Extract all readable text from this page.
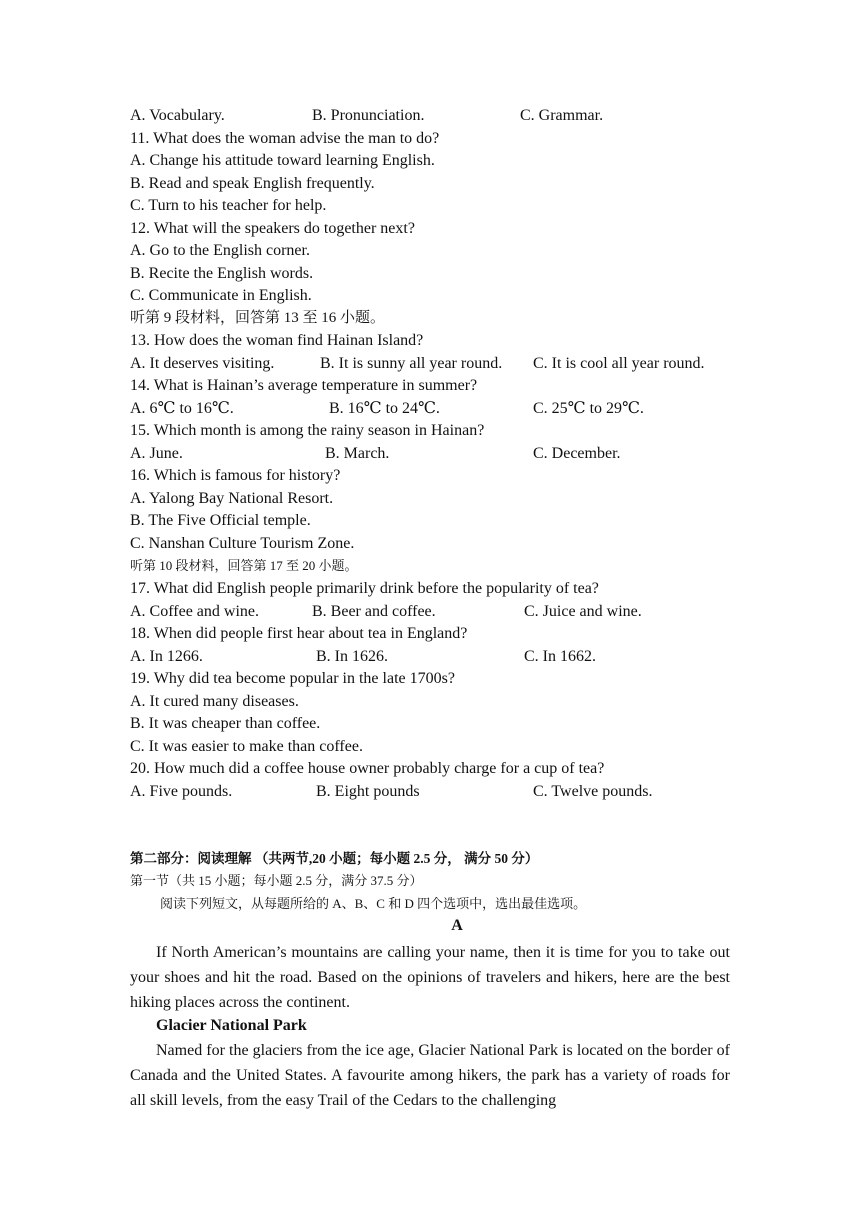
A. Vocabulary.	B. Pronunciation.	C. Grammar.
11. What does the woman advise the man to do?
A. Change his attitude toward learning English.
B. Read and speak English frequently.
C. Turn to his teacher for help.
12. What will the speakers do together next?
A. Go to the English corner.
B. Recite the English words.
C. Communicate in English.
听第 9 段材料，回答第 13 至 16 小题。
13. How does the woman find Hainan Island?
A. It deserves visiting.	B. It is sunny all year round. C. It is cool all year round.
14. What is Hainan’s average temperature in summer?
A. 6℃ to 16℃.	B. 16℃ to 24℃.	C. 25℃ to 29℃.
15. Which month is among the rainy season in Hainan?
A. June.	B. March.	C. December.
16. Which is famous for history?
A. Yalong Bay National Resort.
B. The Five Official temple.
C. Nanshan Culture Tourism Zone.
听第 10 段材料，回答第 17 至 20 小题。
17. What did English people primarily drink before the popularity of tea?
A. Coffee and wine.	B. Beer and coffee.	C. Juice and wine.
18. When did people first hear about tea in England?
A. In 1266.	B. In 1626.	C. In 1662.
19. Why did tea become popular in the late 1700s?
A. It cured many diseases.
B. It was cheaper than coffee.
C. It was easier to make than coffee.
20. How much did a coffee house owner probably charge for a cup of tea?
A. Five pounds.	B. Eight pounds	C. Twelve pounds.
第二部分：阅读理解 （共两节,20 小题；每小题 2.5 分， 满分 50 分）
第一节（共 15 小题；每小题 2.5 分，满分 37.5 分）
阅读下列短文，从每题所给的 A、B、C 和 D 四个选项中，选出最佳选项。
A
If North American’s mountains are calling your name, then it is time for you to take out your shoes and hit the road. Based on the opinions of travelers and hikers, here are the best hiking places across the continent.
Glacier National Park
Named for the glaciers from the ice age, Glacier National Park is located on the border of Canada and the United States. A favourite among hikers, the park has a variety of roads for all skill levels, from the easy Trail of the Cedars to the challenging
